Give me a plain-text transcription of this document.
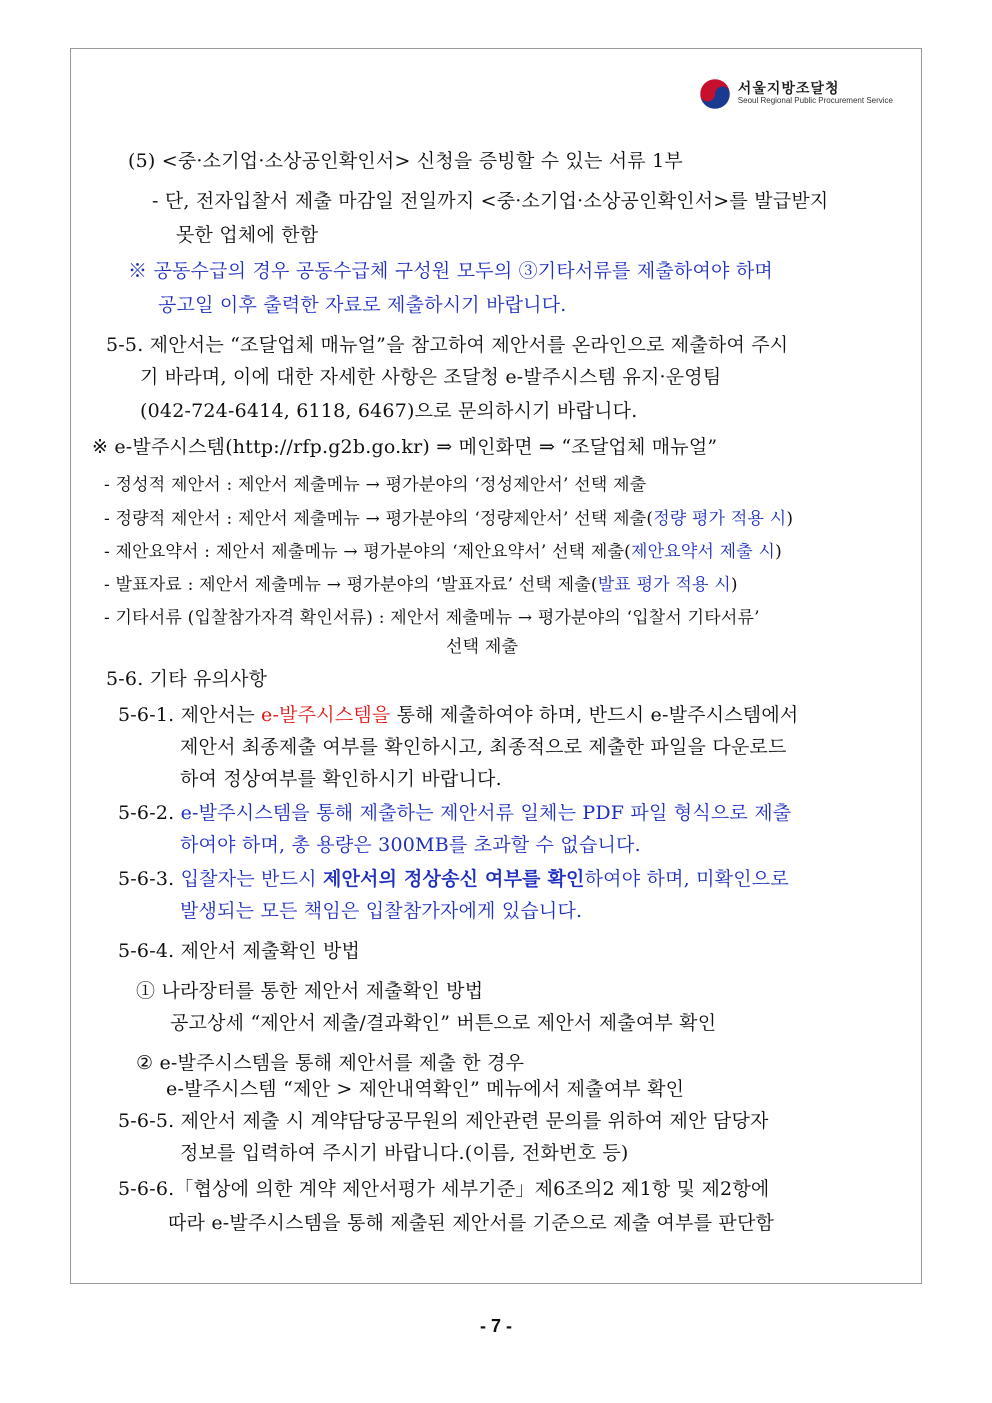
서울지방조달청
Seoul Regional Public Procurement Service
(5) <중·소기업·소상공인확인서> 신청을 증빙할 수 있는 서류 1부
- 단, 전자입찰서 제출 마감일 전일까지 <중·소기업·소상공인확인서>를 발급받지
못한 업체에 한함
※ 공동수급의 경우 공동수급체 구성원 모두의 ③기타서류를 제출하여야 하며
공고일 이후 출력한 자료로 제출하시기 바랍니다.
5-5. 제안서는 “조달업체 매뉴얼”을 참고하여 제안서를 온라인으로 제출하여 주시
기 바라며, 이에 대한 자세한 사항은 조달청 e-발주시스템 유지·운영팀
(042-724-6414, 6118, 6467)으로 문의하시기 바랍니다.
※ e-발주시스템(http://rfp.g2b.go.kr) ⇒ 메인화면 ⇒ “조달업체 매뉴얼”
- 정성적 제안서 : 제안서 제출메뉴 → 평가분야의 ‘정성제안서’ 선택 제출
- 정량적 제안서 : 제안서 제출메뉴 → 평가분야의 ‘정량제안서’ 선택 제출(정량 평가 적용 시)
- 제안요약서 : 제안서 제출메뉴 → 평가분야의 ‘제안요약서’ 선택 제출(제안요약서 제출 시)
- 발표자료 : 제안서 제출메뉴 → 평가분야의 ‘발표자료’ 선택 제출(발표 평가 적용 시)
- 기타서류 (입찰참가자격 확인서류) : 제안서 제출메뉴 → 평가분야의 ‘입찰서 기타서류’
선택 제출
5-6. 기타 유의사항
5-6-1. 제안서는 e-발주시스템을 통해 제출하여야 하며, 반드시 e-발주시스템에서
제안서 최종제출 여부를 확인하시고, 최종적으로 제출한 파일을 다운로드
하여 정상여부를 확인하시기 바랍니다.
5-6-2. e-발주시스템을 통해 제출하는 제안서류 일체는 PDF 파일 형식으로 제출
하여야 하며, 총 용량은 300MB를 초과할 수 없습니다.
5-6-3. 입찰자는 반드시 제안서의 정상송신 여부를 확인하여야 하며, 미확인으로
발생되는 모든 책임은 입찰참가자에게 있습니다.
5-6-4. 제안서 제출확인 방법
① 나라장터를 통한 제안서 제출확인 방법
공고상세 “제안서 제출/결과확인” 버튼으로 제안서 제출여부 확인
② e-발주시스템을 통해 제안서를 제출 한 경우
e-발주시스템 “제안 > 제안내역확인” 메뉴에서 제출여부 확인
5-6-5. 제안서 제출 시 계약담당공무원의 제안관련 문의를 위하여 제안 담당자
정보를 입력하여 주시기 바랍니다.(이름, 전화번호 등)
5-6-6.「협상에 의한 계약 제안서평가 세부기준」제6조의2 제1항 및 제2항에
따라 e-발주시스템을 통해 제출된 제안서를 기준으로 제출 여부를 판단함
- 7 -
